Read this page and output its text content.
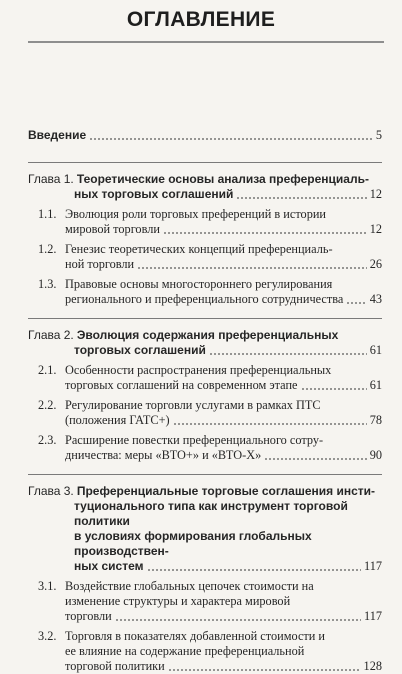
ОГЛАВЛЕНИЕ
Введение	5
Глава 1. Теоретические основы анализа преференциаль-
ных торговых соглашений	12
1.1. Эволюция роли торговых преференций в истории
мировой торговли	12
1.2. Генезис теоретических концепций преференциаль-
ной торговли	26
1.3. Правовые основы многостороннего регулирования
регионального и преференциального сотрудничества 43
Глава 2. Эволюция содержания преференциальных
торговых соглашений	61
2.1. Особенности распространения преференциальных
торговых соглашений на современном этапе	61
2.2. Регулирование торговли услугами в рамках ПТС
(положения ГАТС+)	78
2.3. Расширение повестки преференциального сотру-
дничества: меры «ВТО+» и «ВТО-Х»	90
Глава 3. Преференциальные торговые соглашения инсти-
туционального типа как инструмент торговой политики
в условиях формирования глобальных производствен-
ных систем	117
3.1. Воздействие глобальных цепочек стоимости на
изменение структуры и характера мировой
торговли	117
3.2. Торговля в показателях добавленной стоимости и
ее влияние на содержание преференциальной
торговой политики	128
